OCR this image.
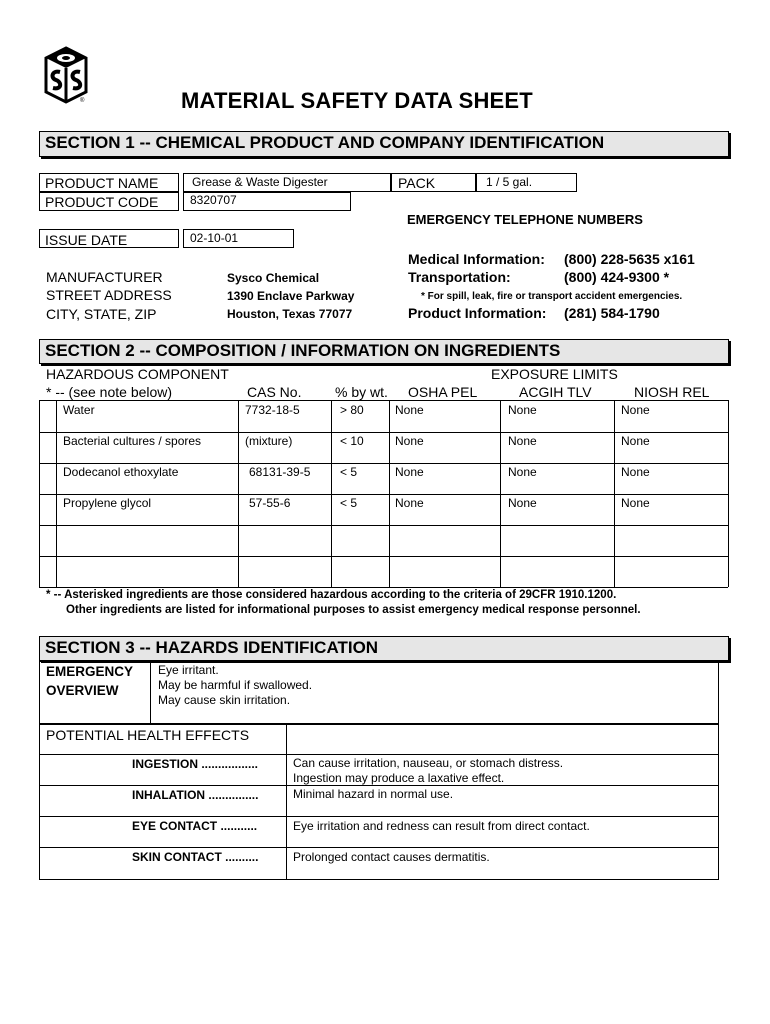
®	MATERIAL SAFETY DATA SHEET
SECTION 1 -- CHEMICAL PRODUCT AND COMPANY IDENTIFICATION
PRODUCT NAME	Grease & Waste Digester	PACK	1 / 5 gal.
PRODUCT CODE	8320707
ISSUE DATE	02-10-01
MANUFACTURER	Sysco Chemical
STREET ADDRESS	1390 Enclave Parkway
CITY, STATE, ZIP	Houston, Texas 77077
EMERGENCY TELEPHONE NUMBERS
Medical Information: (800) 228-5635 x161
Transportation:	(800) 424-9300 *
* For spill, leak, fire or transport accident emergencies.
Product Information: (281) 584-1790
SECTION 2 -- COMPOSITION / INFORMATION ON INGREDIENTS
HAZARDOUS COMPONENT
* -- (see note below)
EXPOSURE LIMITS
CAS No. % by wt. OSHA PEL	ACGIH TLV	NIOSH REL
Water	7732-18-5	> 80	None	None	None
Bacterial cultures / spores	(mixture)	< 10	None	None	None
Dodecanol ethoxylate	68131-39-5 < 5	None	None	None
Propylene glycol	57-55-6	< 5	None	None	None
* -- Asterisked ingredients are those considered hazardous according to the criteria of 29CFR 1910.1200.
Other ingredients are listed for informational purposes to assist emergency medical response personnel.
SECTION 3 -- HAZARDS IDENTIFICATION
EMERGENCY
OVERVIEW
Eye irritant.
May be harmful if swallowed.
May cause skin irritation.
POTENTIAL HEALTH EFFECTS
INGESTION .................	Can cause irritation, nauseau, or stomach distress.
Ingestion may produce a laxative effect.
INHALATION ...............	Minimal hazard in normal use.
EYE CONTACT ...........	Eye irritation and redness can result from direct contact.
SKIN CONTACT ..........	Prolonged contact causes dermatitis.
